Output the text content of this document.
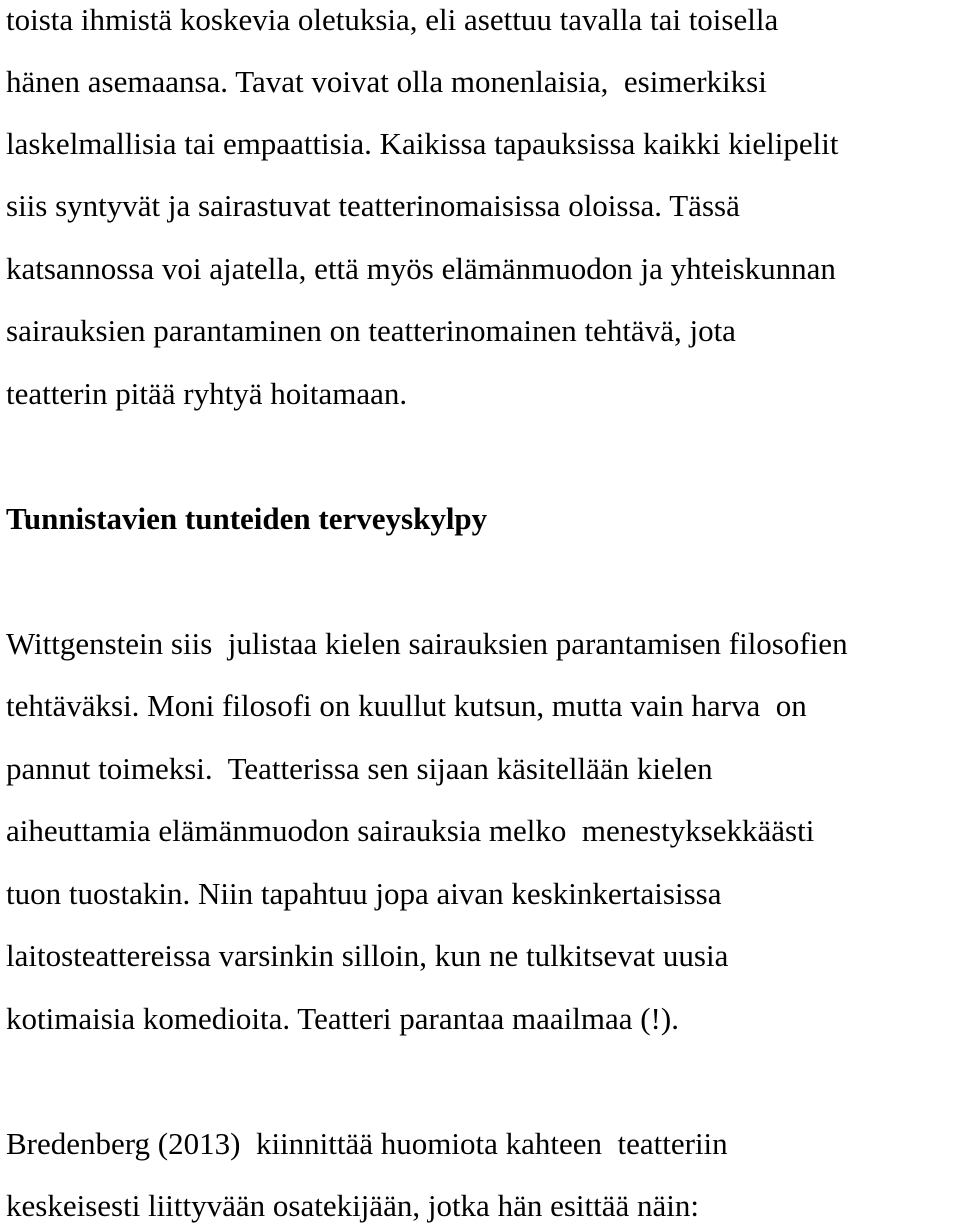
toista ihmistä koskevia oletuksia, eli asettuu tavalla tai toisella
hänen asemaansa. Tavat voivat olla monenlaisia,  esimerkiksi
laskelmallisia tai empaattisia. Kaikissa tapauksissa kaikki kielipelit
siis syntyvät ja sairastuvat teatterinomaisissa oloissa. Tässä
katsannossa voi ajatella, että myös elämänmuodon ja yhteiskunnan
sairauksien parantaminen on teatterinomainen tehtävä, jota
teatterin pitää ryhtyä hoitamaan.
Tunnistavien tunteiden terveyskylpy
Wittgenstein siis  julistaa kielen sairauksien parantamisen filosofien
tehtäväksi. Moni filosofi on kuullut kutsun, mutta vain harva  on
pannut toimeksi.  Teatterissa sen sijaan käsitellään kielen
aiheuttamia elämänmuodon sairauksia melko  menestyksekkäästi
tuon tuostakin. Niin tapahtuu jopa aivan keskinkertaisissa
laitosteattereissa varsinkin silloin, kun ne tulkitsevat uusia
kotimaisia komedioita. Teatteri parantaa maailmaa (!).
Bredenberg (2013)  kiinnittää huomiota kahteen  teatteriin
keskeisesti liittyvään osatekijään, jotka hän esittää näin:
